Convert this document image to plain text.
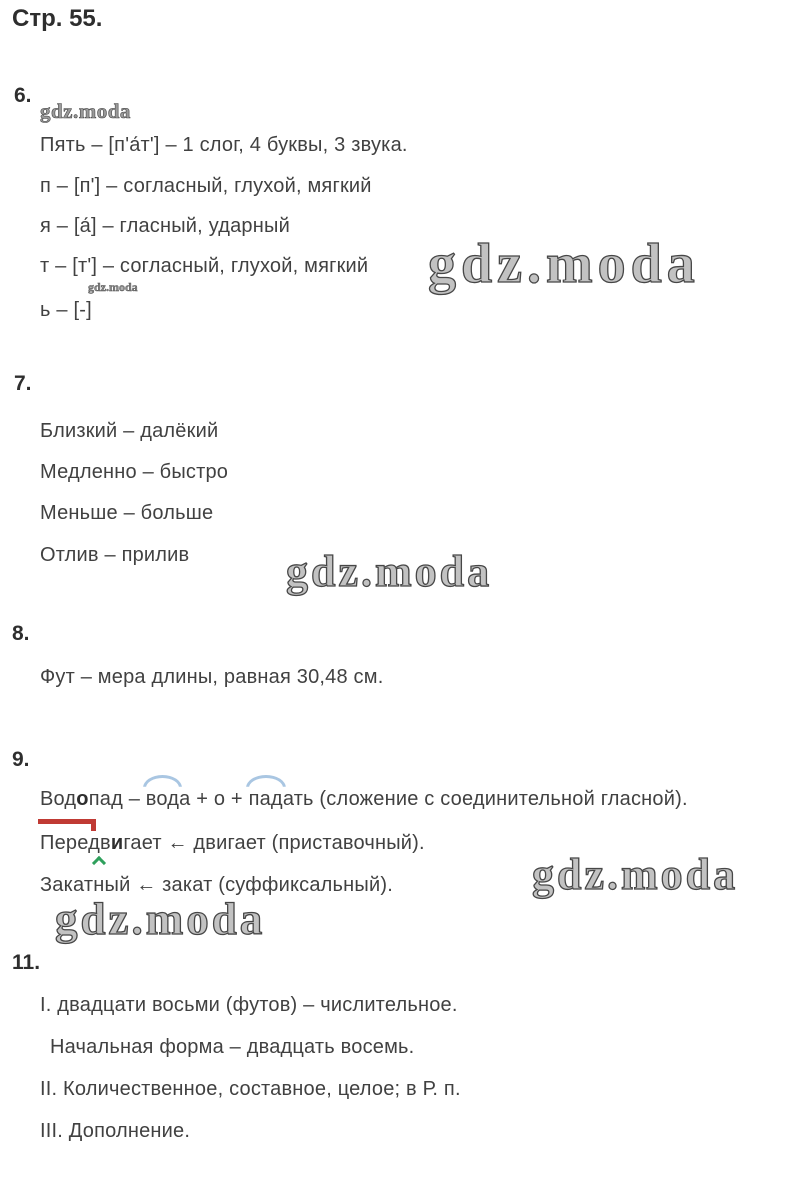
Стр. 55.
6.
gdz.moda
Пять – [п'а́т'] – 1 слог, 4 буквы, 3 звука.
п – [п'] – согласный, глухой, мягкий
я – [а́] – гласный, ударный
т – [т'] – согласный, глухой, мягкий gdz.moda
gdz.moda
ь – [-]
7.
Близкий – далёкий
Медленно – быстро
Меньше – больше
Отлив – прилив gdz.moda
8.
Фут – мера длины, равная 30,48 см.
9.
Водопад – вода + о + падать (сложение с соединительной гласной).
Передвигает ← двигает (приставочный).
Закатный ← закат (суффиксальный).	gdz.moda
gdz.moda
11.
I. двадцати восьми (футов) – числительное.
Начальная форма – двадцать восемь.
II. Количественное, составное, целое; в Р. п.
III. Дополнение.
